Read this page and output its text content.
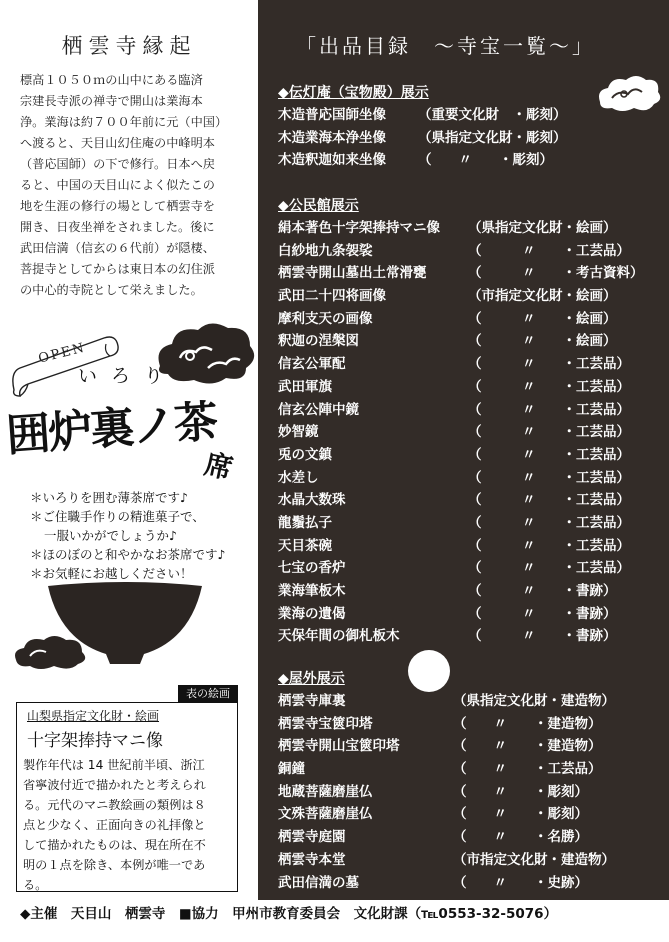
栖雲寺縁起
標高１０５０ｍの山中にある臨済
宗建長寺派の禅寺で開山は業海本
浄。業海は約７００年前に元（中国）
へ渡ると、天目山幻住庵の中峰明本
（普応国師）の下で修行。日本へ戻
ると、中国の天目山によく似たこの
地を生涯の修行の場として栖雲寺を
開き、日夜坐禅をされました。後に
武田信満（信玄の６代前）が隠棲、
菩提寺としてからは東日本の幻住派
の中心的寺院として栄えました。
OPEN
いろり
囲炉裏ノ茶
席
＊いろりを囲む薄茶席です♪
＊ご住職手作りの精進菓子で、
一服いかがでしょうか♪
＊ほのぼのと和やかなお茶席です♪
＊お気軽にお越しください！
表の絵画
山梨県指定文化財・絵画
十字架捧持マニ像
製作年代は 14 世紀前半頃、浙江
省寧波付近で描かれたと考えられ
る。元代のマニ教絵画の類例は８
点と少なく、正面向きの礼拝像と
して描かれたものは、現在所在不
明の１点を除き、本例が唯一であ
る。
「出品目録　～寺宝一覧～」
◆伝灯庵（宝物殿）展示
木造普応国師坐像 （重要文化財　・彫刻）
木造業海本浄坐像 （県指定文化財・彫刻）
木造釈迦如来坐像 （　　〃　　・彫刻）
◆公民館展示
絹本著色十字架捧持マニ像 （県指定文化財・絵画）
白紗地九条袈裟	（　　　〃　　・工芸品）
栖雲寺開山墓出土常滑甕	（　　　〃　　・考古資料）
武田二十四将画像	（市指定文化財・絵画）
摩利支天の画像	（　　　〃　　・絵画）
釈迦の涅槃図	（　　　〃　　・絵画）
信玄公軍配	（　　　〃　　・工芸品）
武田軍旗	（　　　〃　　・工芸品）
信玄公陣中鏡	（　　　〃　　・工芸品）
妙智鏡	（　　　〃　　・工芸品）
兎の文鎮	（　　　〃　　・工芸品）
水差し	（　　　〃　　・工芸品）
水晶大数珠	（　　　〃　　・工芸品）
龍鬚払子	（　　　〃　　・工芸品）
天目茶碗	（　　　〃　　・工芸品）
七宝の香炉	（　　　〃　　・工芸品）
業海筆板木	（　　　〃　　・書跡）
業海の遺偈	（　　　〃　　・書跡）
天保年間の御札板木	（　　　〃　　・書跡）
◆屋外展示
栖雲寺庫裏	（県指定文化財・建造物）
栖雲寺宝篋印塔	（　　〃　　・建造物）
栖雲寺開山宝篋印塔	（　　〃　　・建造物）
銅鐘	（　　〃　　・工芸品）
地蔵菩薩磨崖仏	（　　〃　　・彫刻）
文殊菩薩磨崖仏	（　　〃　　・彫刻）
栖雲寺庭園	（　　〃　　・名勝）
栖雲寺本堂	（市指定文化財・建造物）
武田信満の墓	（　　〃　　・史跡）
◆主催　天目山　栖雲寺　■協力　甲州市教育委員会　文化財課（℡0553-32-5076）
